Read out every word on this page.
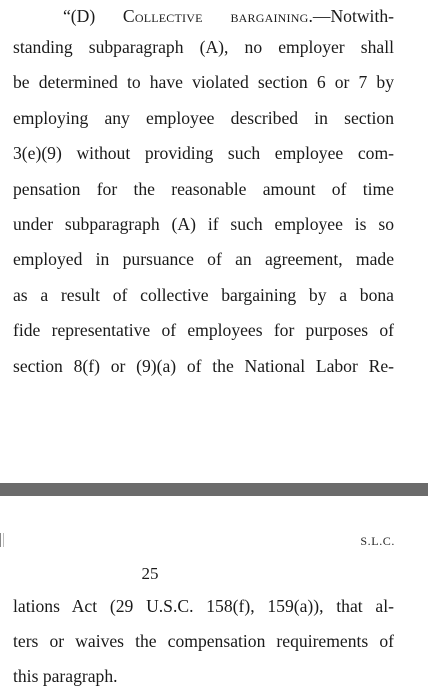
“(D) Collective bargaining.—Notwith-
standing subparagraph (A), no employer shall
be determined to have violated section 6 or 7 by
employing any employee described in section
3(e)(9) without providing such employee com-
pensation for the reasonable amount of time
under subparagraph (A) if such employee is so
employed in pursuance of an agreement, made
as a result of collective bargaining by a bona
fide representative of employees for purposes of
section 8(f) or (9)(a) of the National Labor Re-
S.L.C.
25
lations Act (29 U.S.C. 158(f), 159(a)), that al-
ters or waives the compensation requirements of
this paragraph.
